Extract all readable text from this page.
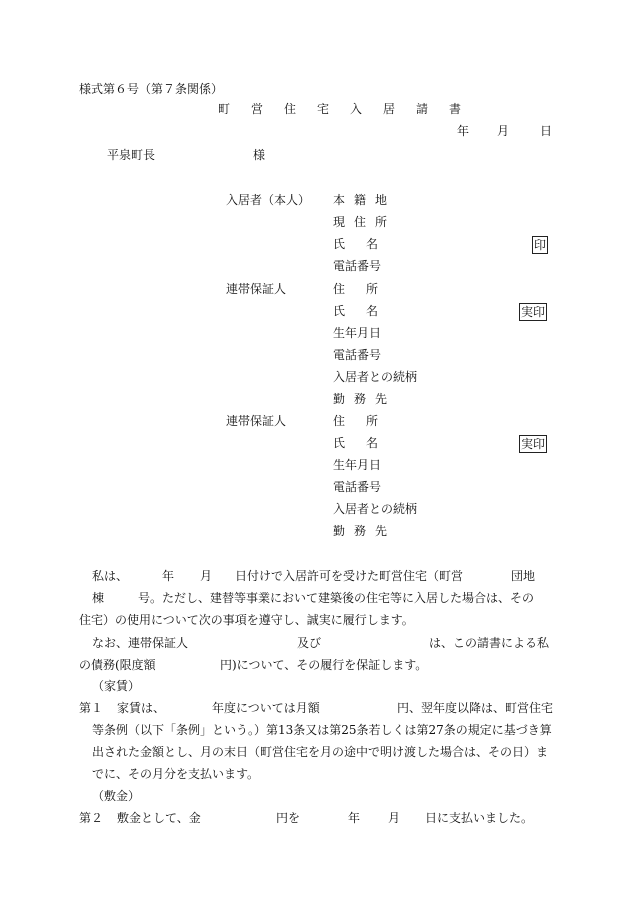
様式第６号（第７条関係）
町営住宅入居請書
年 月	日
平泉町長	様
入居者（本人） 本籍地
現住所
氏名	印
電話番号
連帯保証人	住所
氏名	実印
生年月日
電話番号
入居者との続柄
勤務先
連帯保証人	住所
氏名	実印
生年月日
電話番号
入居者との続柄
勤務先
私は、	年 月 日付けで入居許可を受けた町営住宅（町営	団地
棟	号。ただし、建替等事業において建築後の住宅等に入居した場合は、その
住宅）の使用について次の事項を遵守し、誠実に履行します。
なお、連帯保証人	及び	は、この請書による私
の債務(限度額	円)について、その履行を保証します。
（家賃）
第１ 家賃は、	年度については月額	円、翌年度以降は、町営住宅
等条例（以下「条例」という。）第13条又は第25条若しくは第27条の規定に基づき算
出された金額とし、月の末日（町営住宅を月の途中で明け渡した場合は、その日）ま
でに、その月分を支払います。
（敷金）
第２ 敷金として、金	円を	年 月 日に支払いました。
